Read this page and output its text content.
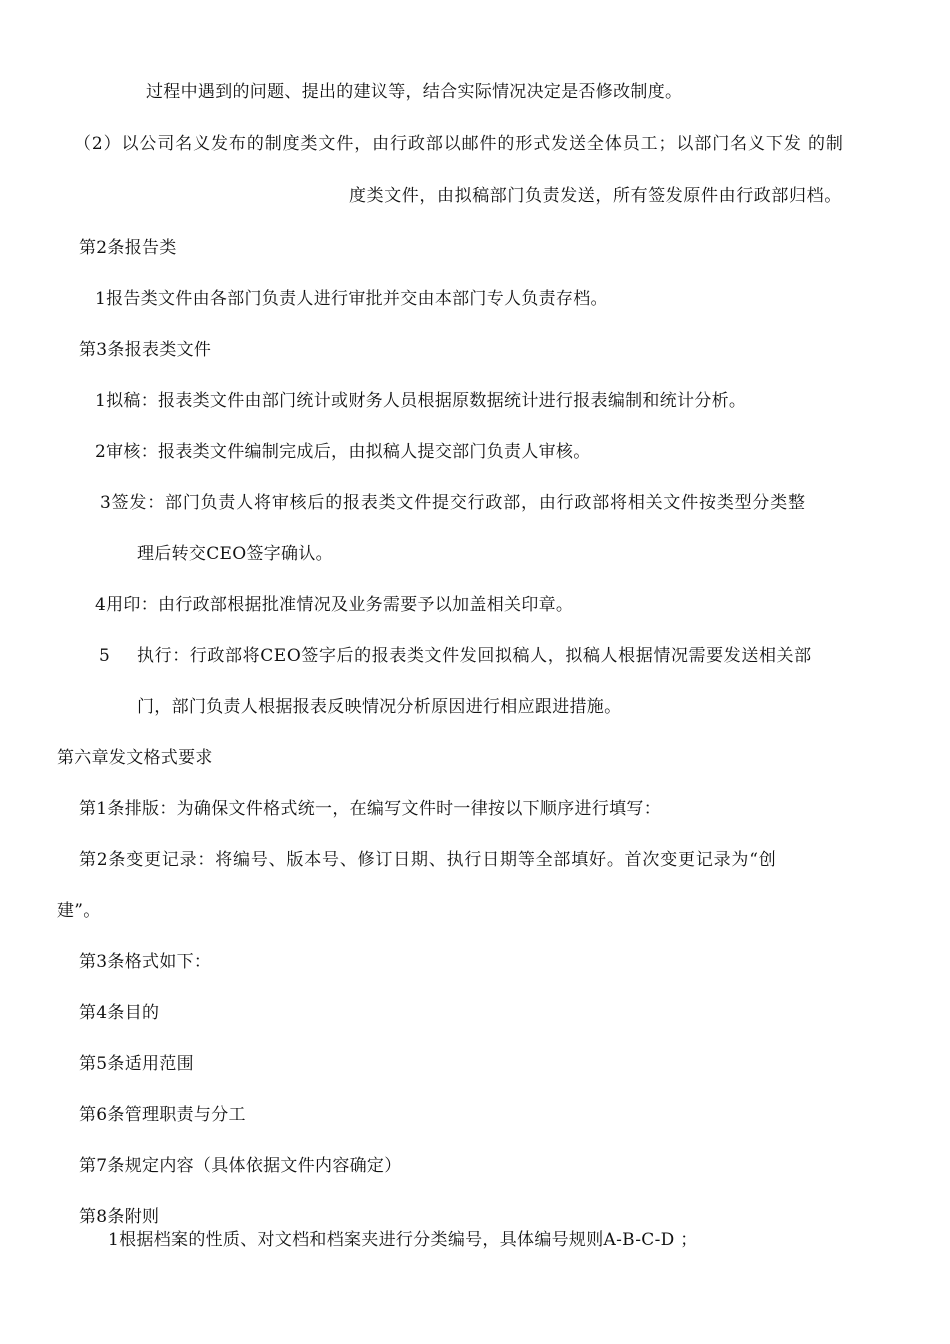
过程中遇到的问题、提出的建议等，结合实际情况决定是否修改制度。
（2）以公司名义发布的制度类文件，由行政部以邮件的形式发送全体员工；以部门名义下发 的制
度类文件，由拟稿部门负责发送，所有签发原件由行政部归档。
第2条报告类
1报告类文件由各部门负责人进行审批并交由本部门专人负责存档。
第3条报表类文件
1拟稿：报表类文件由部门统计或财务人员根据原数据统计进行报表编制和统计分析。
2审核：报表类文件编制完成后，由拟稿人提交部门负责人审核。
3签发：部门负责人将审核后的报表类文件提交行政部，由行政部将相关文件按类型分类整
理后转交CEO签字确认。
4用印：由行政部根据批准情况及业务需要予以加盖相关印章。
5 执行：行政部将CEO签字后的报表类文件发回拟稿人，拟稿人根据情况需要发送相关部
门，部门负责人根据报表反映情况分析原因进行相应跟进措施。
第六章发文格式要求
第1条排版：为确保文件格式统一，在编写文件时一律按以下顺序进行填写：
第2条变更记录：将编号、版本号、修订日期、执行日期等全部填好。首次变更记录为“创
建”。
第3条格式如下：
第4条目的
第5条适用范围
第6条管理职责与分工
第7条规定内容（具体依据文件内容确定）
第8条附则
1根据档案的性质、对文档和档案夹进行分类编号，具体编号规则A-B-C-D ；
